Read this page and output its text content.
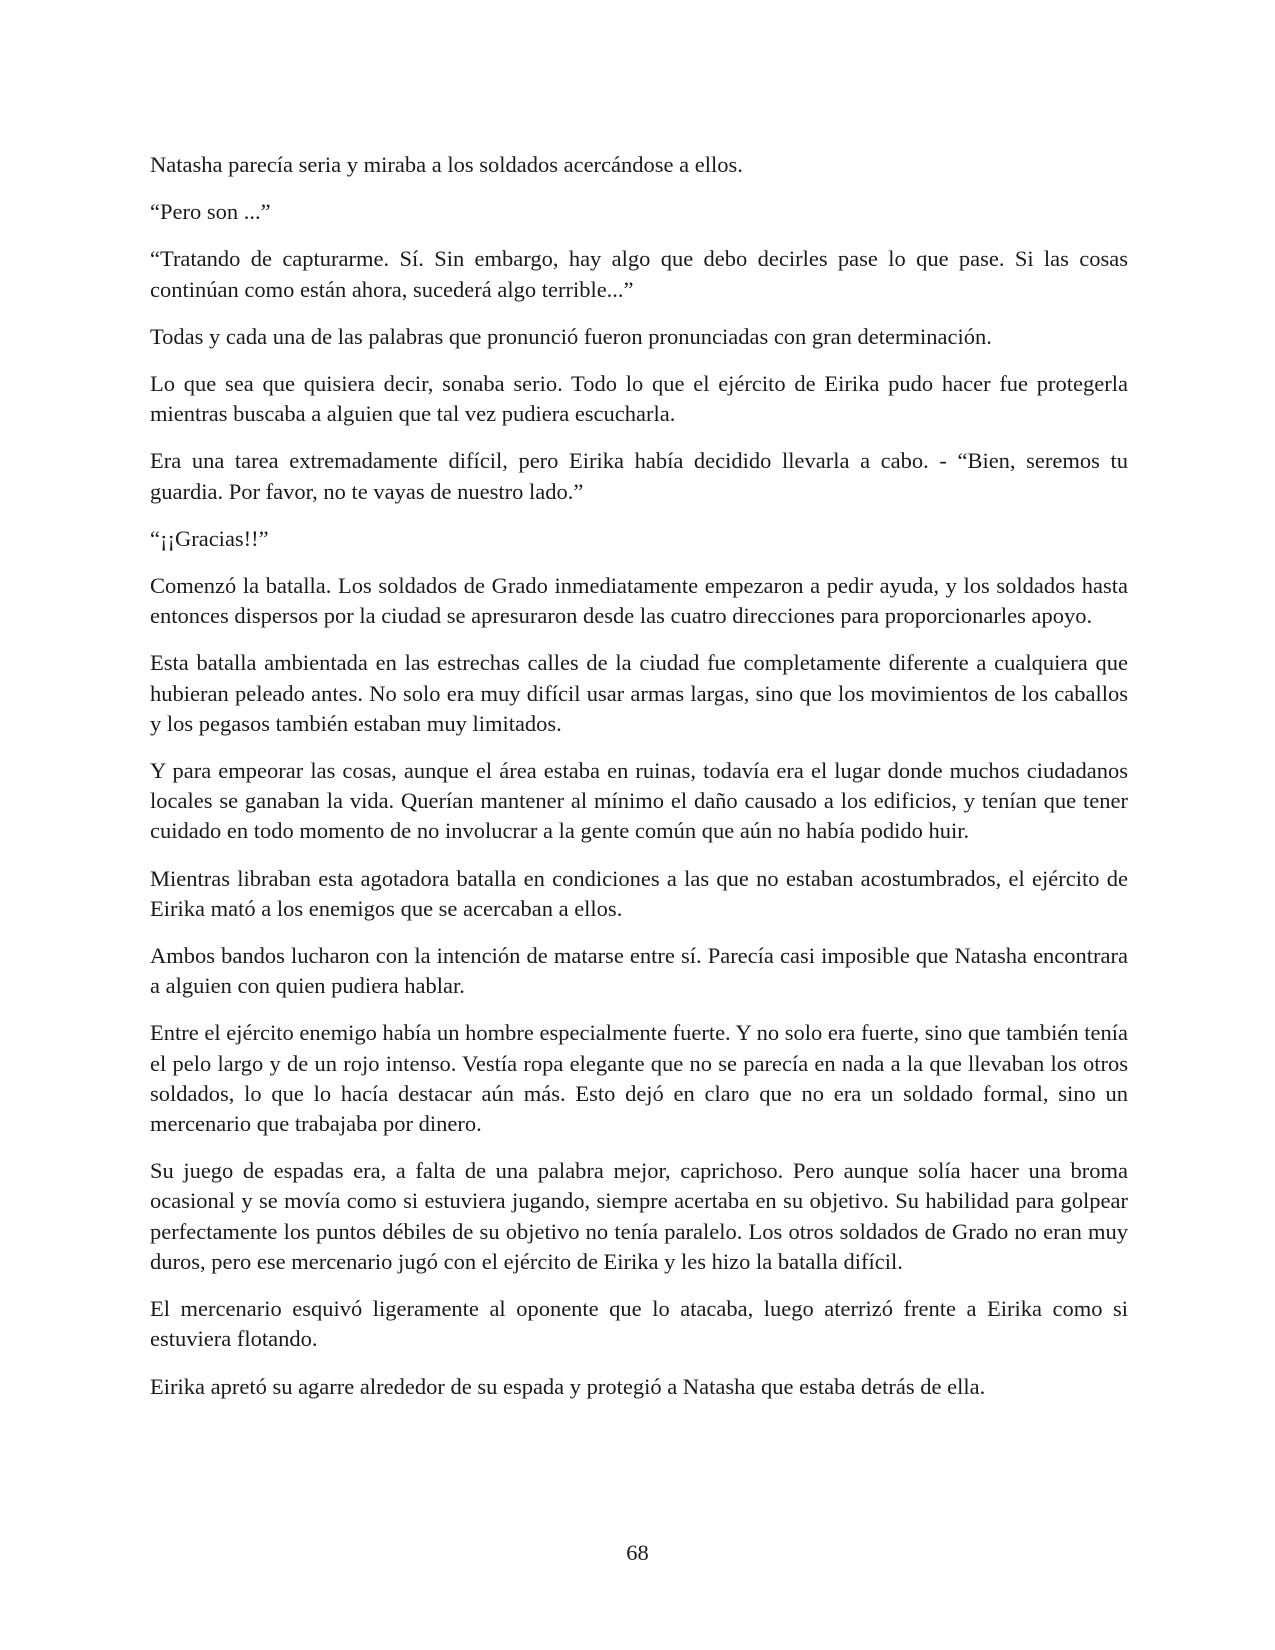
Natasha parecía seria y miraba a los soldados acercándose a ellos.

“Pero son ...”

“Tratando de capturarme. Sí. Sin embargo, hay algo que debo decirles pase lo que pase. Si las cosas continúan como están ahora, sucederá algo terrible...”

Todas y cada una de las palabras que pronunció fueron pronunciadas con gran determinación.

Lo que sea que quisiera decir, sonaba serio. Todo lo que el ejército de Eirika pudo hacer fue protegerla mientras buscaba a alguien que tal vez pudiera escucharla.

Era una tarea extremadamente difícil, pero Eirika había decidido llevarla a cabo. - “Bien, seremos tu guardia. Por favor, no te vayas de nuestro lado.”

“¡¡Gracias!!”

Comenzó la batalla. Los soldados de Grado inmediatamente empezaron a pedir ayuda, y los soldados hasta entonces dispersos por la ciudad se apresuraron desde las cuatro direcciones para proporcionarles apoyo.

Esta batalla ambientada en las estrechas calles de la ciudad fue completamente diferente a cualquiera que hubieran peleado antes. No solo era muy difícil usar armas largas, sino que los movimientos de los caballos y los pegasos también estaban muy limitados.

Y para empeorar las cosas, aunque el área estaba en ruinas, todavía era el lugar donde muchos ciudadanos locales se ganaban la vida. Querían mantener al mínimo el daño causado a los edificios, y tenían que tener cuidado en todo momento de no involucrar a la gente común que aún no había podido huir.

Mientras libraban esta agotadora batalla en condiciones a las que no estaban acostumbrados, el ejército de Eirika mató a los enemigos que se acercaban a ellos.

Ambos bandos lucharon con la intención de matarse entre sí. Parecía casi imposible que Natasha encontrara a alguien con quien pudiera hablar.

Entre el ejército enemigo había un hombre especialmente fuerte. Y no solo era fuerte, sino que también tenía el pelo largo y de un rojo intenso. Vestía ropa elegante que no se parecía en nada a la que llevaban los otros soldados, lo que lo hacía destacar aún más. Esto dejó en claro que no era un soldado formal, sino un mercenario que trabajaba por dinero.

Su juego de espadas era, a falta de una palabra mejor, caprichoso. Pero aunque solía hacer una broma ocasional y se movía como si estuviera jugando, siempre acertaba en su objetivo. Su habilidad para golpear perfectamente los puntos débiles de su objetivo no tenía paralelo. Los otros soldados de Grado no eran muy duros, pero ese mercenario jugó con el ejército de Eirika y les hizo la batalla difícil.

El mercenario esquivó ligeramente al oponente que lo atacaba, luego aterrizó frente a Eirika como si estuviera flotando.

Eirika apretó su agarre alrededor de su espada y protegió a Natasha que estaba detrás de ella.

68
